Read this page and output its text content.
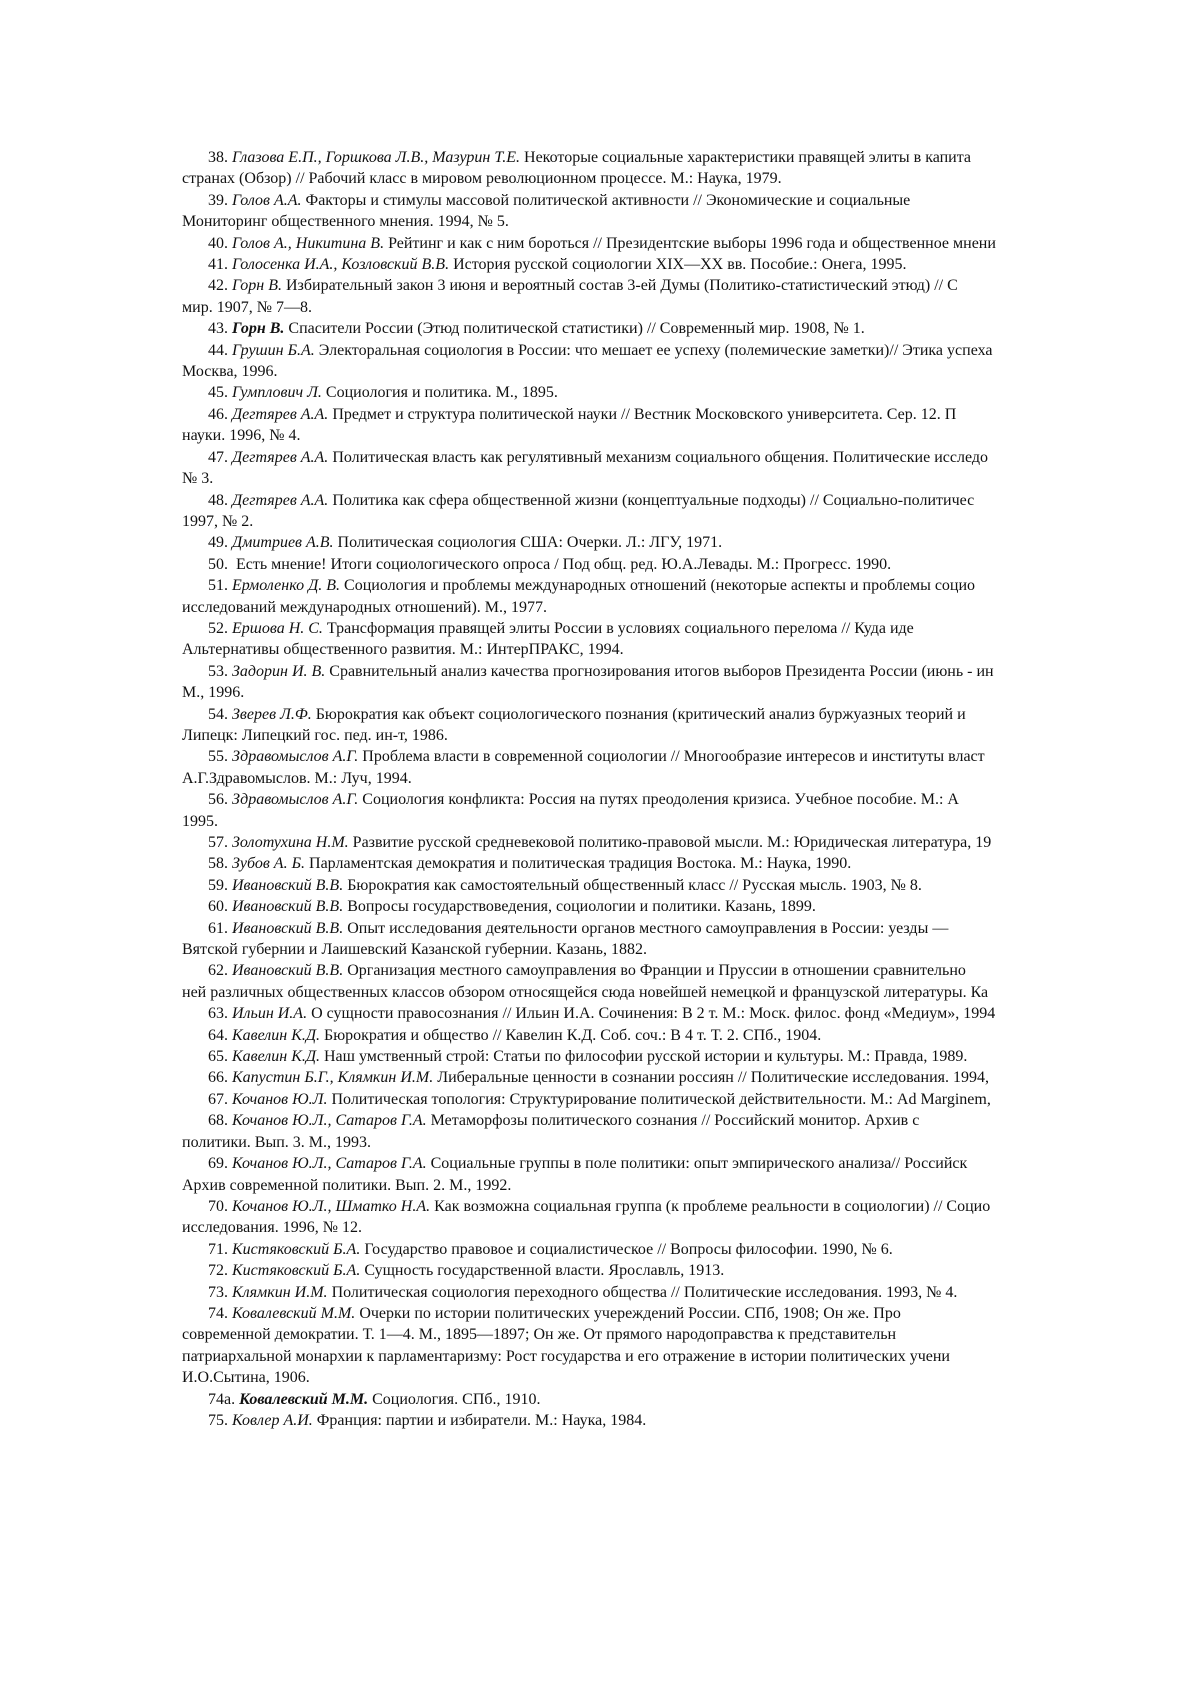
38. Глазова Е.П., Горшкова Л.В., Мазурин Т.Е. Некоторые социальные характеристики правящей элиты в капита
странах (Обзор) // Рабочий класс в мировом революционном процессе. М.: Наука, 1979.
39. Голов А.А. Факторы и стимулы массовой политической активности // Экономические и социальные
Мониторинг общественного мнения. 1994, № 5.
40. Голов А., Никитина В. Рейтинг и как с ним бороться // Президентские выборы 1996 года и общественное мнени
41. Голосенка И.А., Козловский В.В. История русской социологии XIX—XX вв. Пособие.: Онега, 1995.
42. Горн В. Избирательный закон 3 июня и вероятный состав 3-ей Думы (Политико-статистический этюд) // С
мир. 1907, № 7—8.
43. Горн В. Спасители России (Этюд политической статистики) // Современный мир. 1908, № 1.
44. Грушин Б.А. Электоральная социология в России: что мешает ее успеху (полемические заметки)// Этика успеха
Москва, 1996.
45. Гумплович Л. Социология и политика. М., 1895.
46. Дегтярев А.А. Предмет и структура политической науки // Вестник Московского университета. Сер. 12. П
науки. 1996, № 4.
47. Дегтярев А.А. Политическая власть как регулятивный механизм социального общения. Политические исследо
№ 3.
48. Дегтярев А.А. Политика как сфера общественной жизни (концептуальные подходы) // Социально-политичес
1997, № 2.
49. Дмитриев А.В. Политическая социология США: Очерки. Л.: ЛГУ, 1971.
50. Есть мнение! Итоги социологического опроса / Под общ. ред. Ю.А.Левады. М.: Прогресс. 1990.
51. Ермоленко Д. В. Социология и проблемы международных отношений (некоторые аспекты и проблемы социо
исследований международных отношений). М., 1977.
52. Ершова Н. С. Трансформация правящей элиты России в условиях социального перелома // Куда иде
Альтернативы общественного развития. М.: ИнтерПРАКС, 1994.
53. Задорин И. В. Сравнительный анализ качества прогнозирования итогов выборов Президента России (июнь - ин
М., 1996.
54. Зверев Л.Ф. Бюрократия как объект социологического познания (критический анализ буржуазных теорий и
Липецк: Липецкий гос. пед. ин-т, 1986.
55. Здравомыслов А.Г. Проблема власти в современной социологии // Многообразие интересов и институты власт
А.Г.Здравомыслов. М.: Луч, 1994.
56. Здравомыслов А.Г. Социология конфликта: Россия на путях преодоления кризиса. Учебное пособие. М.: А
1995.
57. Золотухина Н.М. Развитие русской средневековой политико-правовой мысли. М.: Юридическая литература, 19
58. Зубов А. Б. Парламентская демократия и политическая традиция Востока. М.: Наука, 1990.
59. Ивановский В.В. Бюрократия как самостоятельный общественный класс // Русская мысль. 1903, № 8.
60. Ивановский В.В. Вопросы государствоведения, социологии и политики. Казань, 1899.
61. Ивановский В.В. Опыт исследования деятельности органов местного самоуправления в России: уезды —
Вятской губернии и Лаишевский Казанской губернии. Казань, 1882.
62. Ивановский В.В. Организация местного самоуправления во Франции и Пруссии в отношении сравнительно
ней различных общественных классов обзором относящейся сюда новейшей немецкой и французской литературы. Ка
63. Ильин И.А. О сущности правосознания // Ильин И.А. Сочинения: В 2 т. М.: Моск. филос. фонд «Медиум», 1994
64. Кавелин К.Д. Бюрократия и общество // Кавелин К.Д. Соб. соч.: В 4 т. Т. 2. СПб., 1904.
65. Кавелин К.Д. Наш умственный строй: Статьи по философии русской истории и культуры. М.: Правда, 1989.
66. Капустин Б.Г., Клямкин И.М. Либеральные ценности в сознании россиян // Политические исследования. 1994,
67. Кочанов Ю.Л. Политическая топология: Структурирование политической действительности. М.: Ad Marginem,
68. Кочанов Ю.Л., Сатаров Г.А. Метаморфозы политического сознания // Российский монитор. Архив с
политики. Вып. 3. М., 1993.
69. Кочанов Ю.Л., Сатаров Г.А. Социальные группы в поле политики: опыт эмпирического анализа// Российск
Архив современной политики. Вып. 2. М., 1992.
70. Кочанов Ю.Л., Шматко Н.А. Как возможна социальная группа (к проблеме реальности в социологии) // Социо
исследования. 1996, № 12.
71. Кистяковский Б.А. Государство правовое и социалистическое // Вопросы философии. 1990, № 6.
72. Кистяковский Б.А. Сущность государственной власти. Ярославль, 1913.
73. Клямкин И.М. Политическая социология переходного общества // Политические исследования. 1993, № 4.
74. Ковалевский М.М. Очерки по истории политических учереждений России. СПб, 1908; Он же. Про
современной демократии. Т. 1—4. М., 1895—1897; Он же. От прямого народоправства к представительн
патриархальной монархии к парламентаризму: Рост государства и его отражение в истории политических учени
И.О.Сытина, 1906.
74а. Ковалевский М.М. Социология. СПб., 1910.
75. Ковлер А.И. Франция: партии и избиратели. М.: Наука, 1984.
